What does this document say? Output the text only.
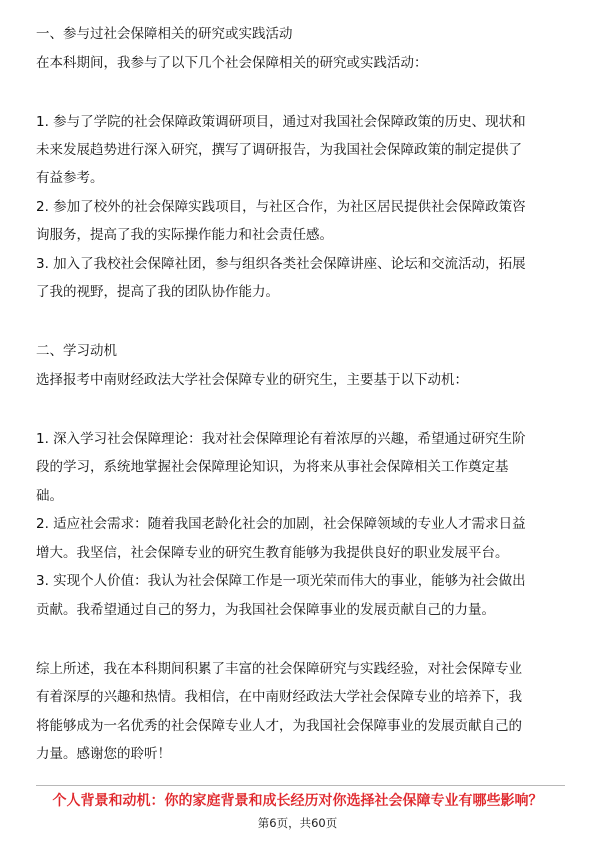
一、参与过社会保障相关的研究或实践活动
在本科期间，我参与了以下几个社会保障相关的研究或实践活动：
1. 参与了学院的社会保障政策调研项目，通过对我国社会保障政策的历史、现状和
未来发展趋势进行深入研究，撰写了调研报告，为我国社会保障政策的制定提供了
有益参考。
2. 参加了校外的社会保障实践项目，与社区合作，为社区居民提供社会保障政策咨
询服务，提高了我的实际操作能力和社会责任感。
3. 加入了我校社会保障社团，参与组织各类社会保障讲座、论坛和交流活动，拓展
了我的视野，提高了我的团队协作能力。
二、学习动机
选择报考中南财经政法大学社会保障专业的研究生，主要基于以下动机：
1. 深入学习社会保障理论：我对社会保障理论有着浓厚的兴趣，希望通过研究生阶
段的学习，系统地掌握社会保障理论知识，为将来从事社会保障相关工作奠定基
础。
2. 适应社会需求：随着我国老龄化社会的加剧，社会保障领域的专业人才需求日益
增大。我坚信，社会保障专业的研究生教育能够为我提供良好的职业发展平台。
3. 实现个人价值：我认为社会保障工作是一项光荣而伟大的事业，能够为社会做出
贡献。我希望通过自己的努力，为我国社会保障事业的发展贡献自己的力量。
综上所述，我在本科期间积累了丰富的社会保障研究与实践经验，对社会保障专业
有着深厚的兴趣和热情。我相信，在中南财经政法大学社会保障专业的培养下，我
将能够成为一名优秀的社会保障专业人才，为我国社会保障事业的发展贡献自己的
力量。感谢您的聆听！
个人背景和动机：你的家庭背景和成长经历对你选择社会保障专业有哪些影响？
第6页，共60页
